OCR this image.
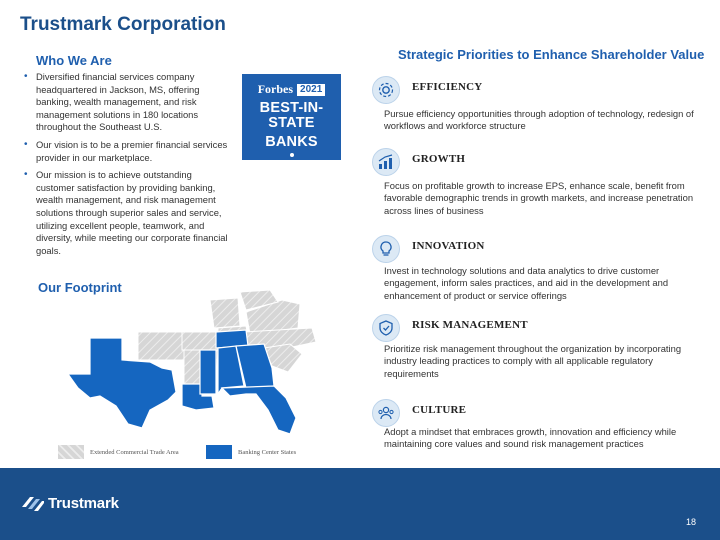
Trustmark Corporation
Who We Are
• Diversified financial services company headquartered in Jackson, MS, offering banking, wealth management, and risk management solutions in 180 locations throughout the Southeast U.S.
• Our vision is to be a premier financial services provider in our marketplace.
• Our mission is to achieve outstanding customer satisfaction by providing banking, wealth management, and risk management solutions through superior sales and service, utilizing excellent people, teamwork, and diversity, while meeting our corporate financial goals.
Forbes 2021
BEST-IN-STATE
BANKS
POWERED BY STATISTA
Our Footprint
Extended Commercial Trade Area	Banking Center States
Strategic Priorities to Enhance Shareholder Value
EFFICIENCY
Pursue efficiency opportunities through adoption of technology, redesign of workflows and workforce structure
GROWTH
Focus on profitable growth to increase EPS, enhance scale, benefit from favorable demographic trends in growth markets, and increase penetration across lines of business
INNOVATION
Invest in technology solutions and data analytics to drive customer engagement, inform sales practices, and aid in the development and enhancement of product or service offerings
RISK MANAGEMENT
Prioritize risk management throughout the organization by incorporating industry leading practices to comply with all applicable regulatory requirements
CULTURE
Adopt a mindset that embraces growth, innovation and efficiency while maintaining core values and sound risk management practices
Trustmark
18
